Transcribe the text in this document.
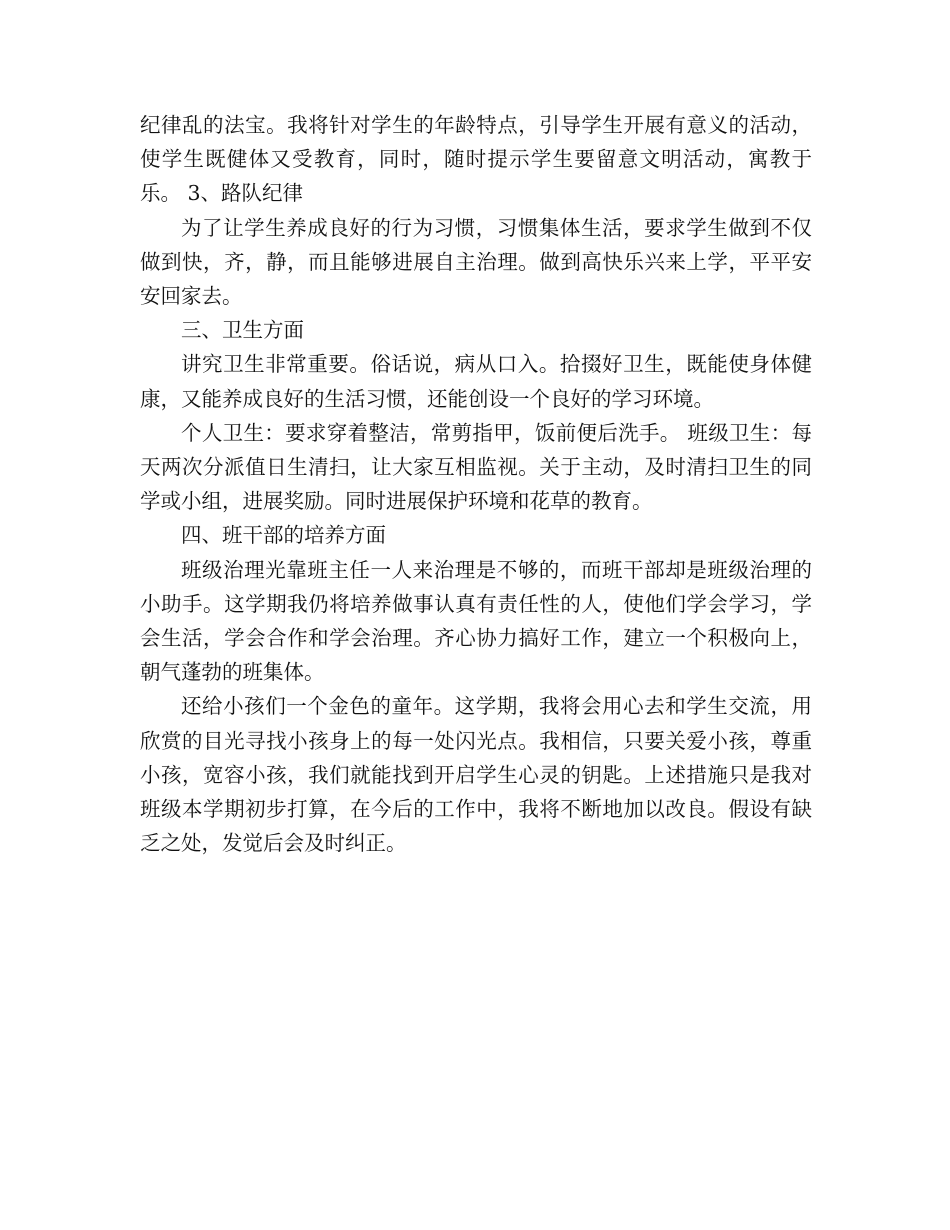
纪律乱的法宝。我将针对学生的年龄特点，引导学生开展有意义的活动，使学生既健体又受教育，同时，随时提示学生要留意文明活动，寓教于乐。 3、路队纪律

为了让学生养成良好的行为习惯，习惯集体生活，要求学生做到不仅做到快，齐，静，而且能够进展自主治理。做到高快乐兴来上学，平平安安回家去。

三、卫生方面

讲究卫生非常重要。俗话说，病从口入。拾掇好卫生，既能使身体健康，又能养成良好的生活习惯，还能创设一个良好的学习环境。

个人卫生：要求穿着整洁，常剪指甲，饭前便后洗手。 班级卫生：每天两次分派值日生清扫，让大家互相监视。关于主动，及时清扫卫生的同学或小组，进展奖励。同时进展保护环境和花草的教育。

四、班干部的培养方面

班级治理光靠班主任一人来治理是不够的，而班干部却是班级治理的小助手。这学期我仍将培养做事认真有责任性的人，使他们学会学习，学会生活，学会合作和学会治理。齐心协力搞好工作，建立一个积极向上，朝气蓬勃的班集体。

还给小孩们一个金色的童年。这学期，我将会用心去和学生交流，用欣赏的目光寻找小孩身上的每一处闪光点。我相信，只要关爱小孩，尊重小孩，宽容小孩，我们就能找到开启学生心灵的钥匙。上述措施只是我对班级本学期初步打算，在今后的工作中，我将不断地加以改良。假设有缺乏之处，发觉后会及时纠正。
